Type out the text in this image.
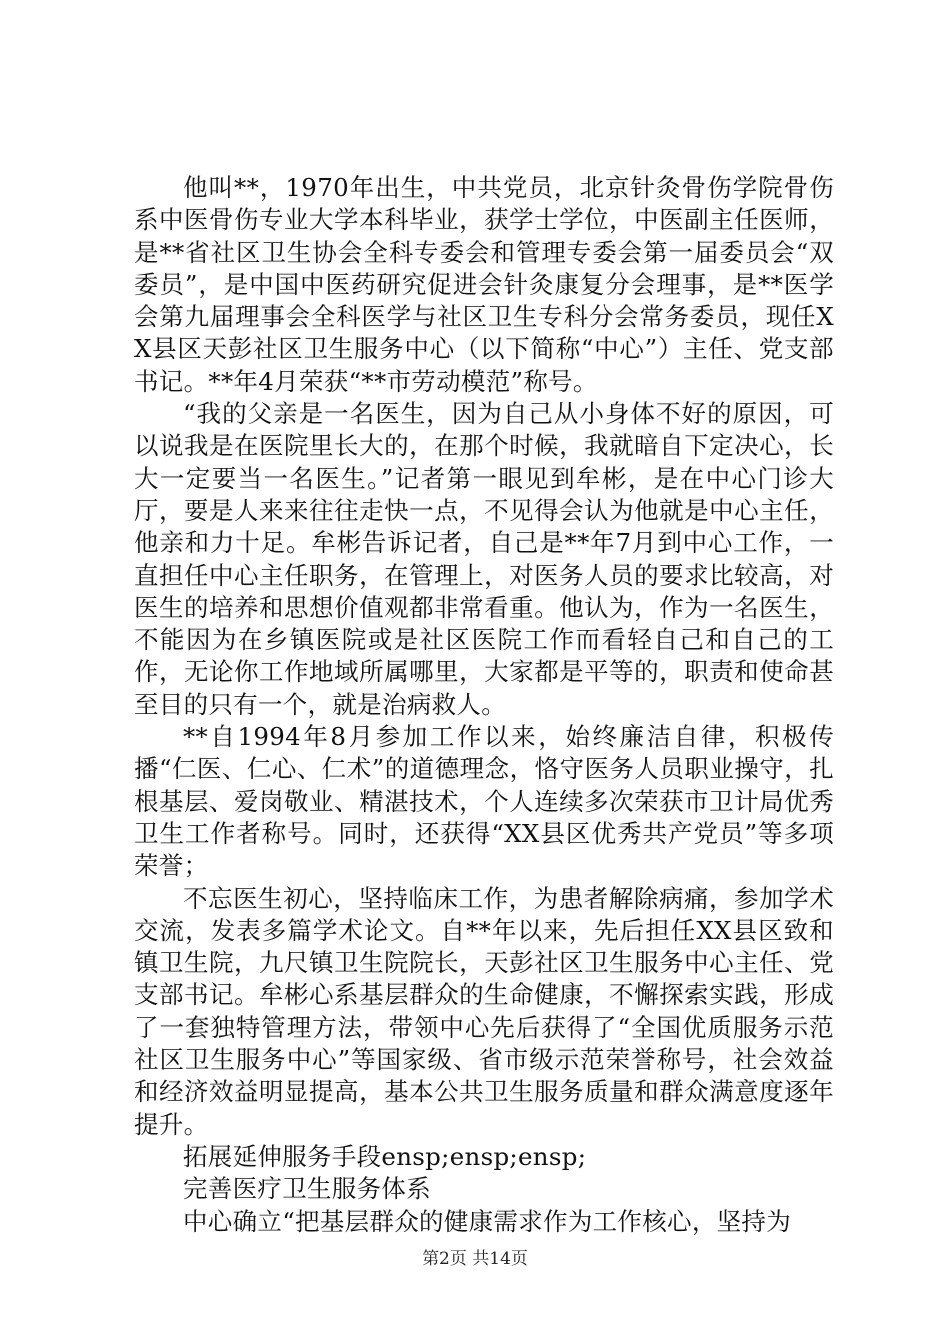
他叫**，1970年出生，中共党员，北京针灸骨伤学院骨伤系中医骨伤专业大学本科毕业，获学士学位，中医副主任医师，是**省社区卫生协会全科专委会和管理专委会第一届委员会“双委员”，是中国中医药研究促进会针灸康复分会理事，是**医学会第九届理事会全科医学与社区卫生专科分会常务委员，现任XX县区天彭社区卫生服务中心（以下简称“中心”）主任、党支部书记。**年4月荣获“**市劳动模范”称号。

“我的父亲是一名医生，因为自己从小身体不好的原因，可以说我是在医院里长大的，在那个时候，我就暗自下定决心，长大一定要当一名医生。”记者第一眼见到牟彬，是在中心门诊大厅，要是人来来往往走快一点，不见得会认为他就是中心主任，他亲和力十足。牟彬告诉记者，自己是**年7月到中心工作，一直担任中心主任职务，在管理上，对医务人员的要求比较高，对医生的培养和思想价值观都非常看重。他认为，作为一名医生，不能因为在乡镇医院或是社区医院工作而看轻自己和自己的工作，无论你工作地域所属哪里，大家都是平等的，职责和使命甚至目的只有一个，就是治病救人。

**自1994年8月参加工作以来，始终廉洁自律，积极传播“仁医、仁心、仁术”的道德理念，恪守医务人员职业操守，扎根基层、爱岗敬业、精湛技术，个人连续多次荣获市卫计局优秀卫生工作者称号。同时，还获得“XX县区优秀共产党员”等多项荣誉；

不忘医生初心，坚持临床工作，为患者解除病痛，参加学术交流，发表多篇学术论文。自**年以来，先后担任XX县区致和镇卫生院，九尺镇卫生院院长，天彭社区卫生服务中心主任、党支部书记。牟彬心系基层群众的生命健康，不懈探索实践，形成了一套独特管理方法，带领中心先后获得了“全国优质服务示范社区卫生服务中心”等国家级、省市级示范荣誉称号，社会效益和经济效益明显提高，基本公共卫生服务质量和群众满意度逐年提升。

拓展延伸服务手段ensp;ensp;ensp;

完善医疗卫生服务体系

中心确立“把基层群众的健康需求作为工作核心，坚持为

第2页 共14页
